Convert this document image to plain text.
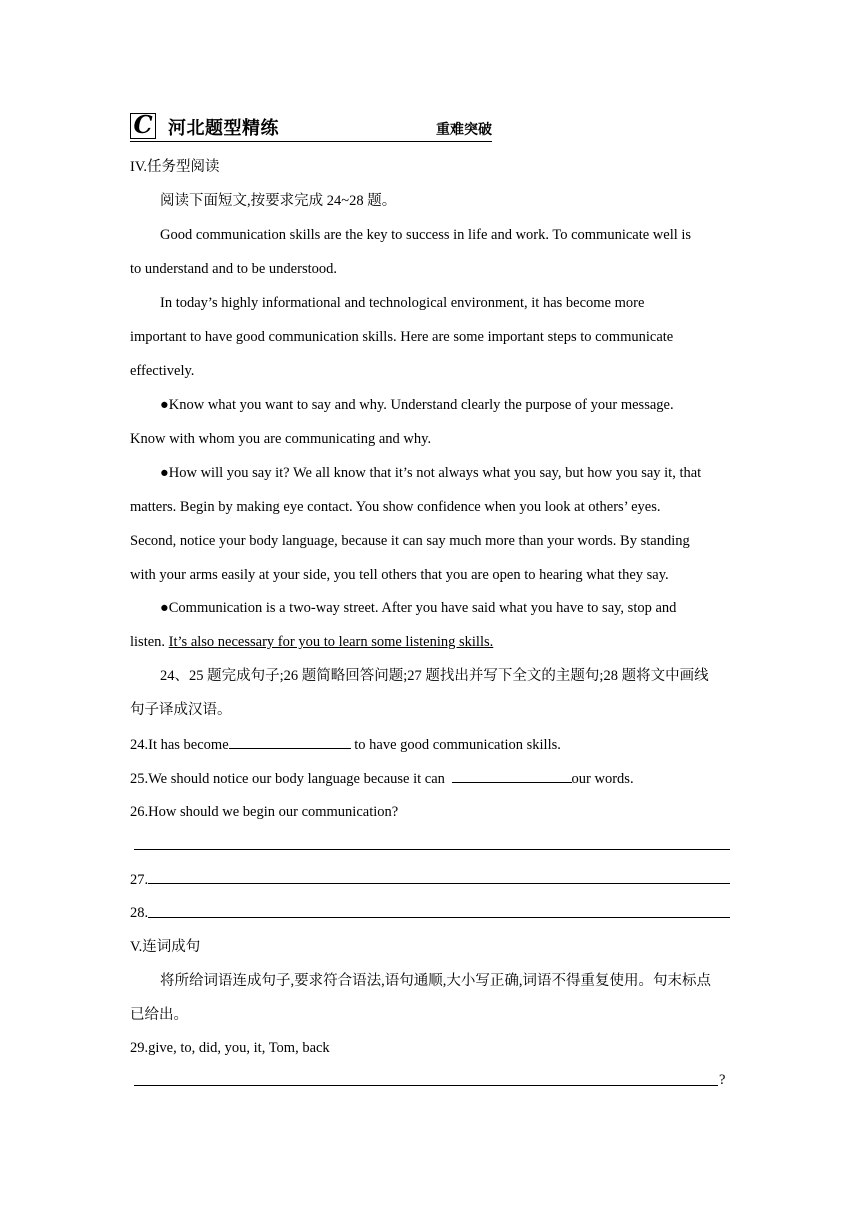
C 河北题型精练	重难突破
IV.任务型阅读
阅读下面短文,按要求完成 24~28 题。
Good communication skills are the key to success in life and work. To communicate well is
to understand and to be understood.
In today’s highly informational and technological environment, it has become more
important to have good communication skills. Here are some important steps to communicate
effectively.
●Know what you want to say and why. Understand clearly the purpose of your message.
Know with whom you are communicating and why.
●How will you say it? We all know that it’s not always what you say, but how you say it, that
matters. Begin by making eye contact. You show confidence when you look at others’ eyes.
Second, notice your body language, because it can say much more than your words. By standing
with your arms easily at your side, you tell others that you are open to hearing what they say.
●Communication is a two-way street. After you have said what you have to say, stop and
listen. It’s also necessary for you to learn some listening skills.
24、25 题完成句子;26 题简略回答问题;27 题找出并写下全文的主题句;28 题将文中画线
句子译成汉语。
24.It has become	to have good communication skills.
25.We should notice our body language because it can	our words.
26.How should we begin our communication?
27.
28.
V.连词成句
将所给词语连成句子,要求符合语法,语句通顺,大小写正确,词语不得重复使用。句末标点
已给出。
29.give, to, did, you, it, Tom, back
?
